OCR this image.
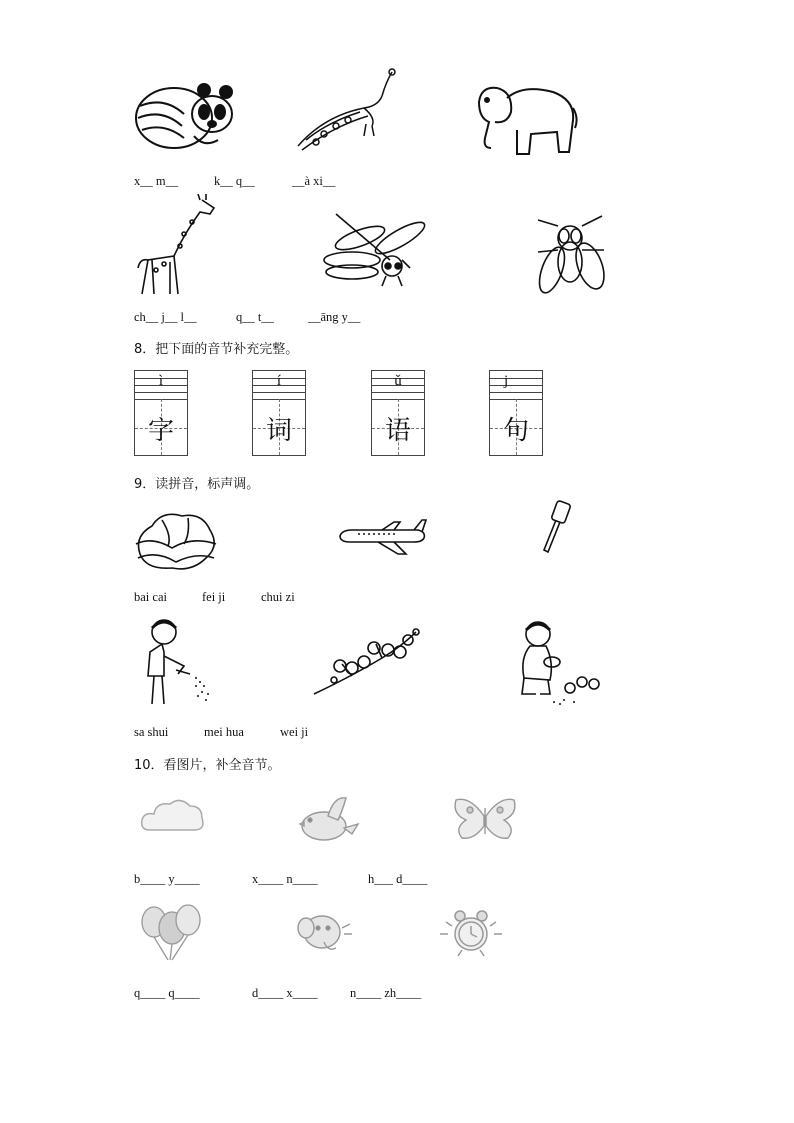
x__ m__	k__ q__	__à xi__
ch__ j__ l__	q__ t__	__āng y__
8．把下面的音节补充完整。
ì
字
í
词
ǔ
语
j
句
9．读拼音，标声调。
bai cai	fei ji	chui zi
sa shui	mei hua	wei ji
10．看图片，补全音节。
b____ y____	x____ n____	h___ d____
q____ q____	d____ x____	n____ zh____
